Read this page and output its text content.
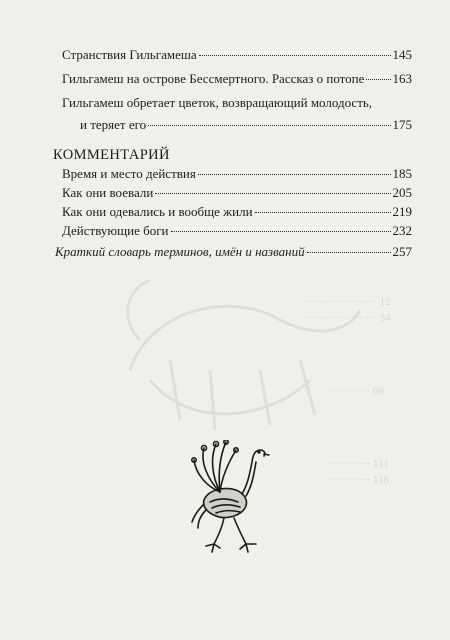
····················· 12
····················· 34
··········· 68
··········· 111
··········· 118
Странствия Гильгамеша	145
Гильгамеш на острове Бессмертного. Рассказ о потопе 163
Гильгамеш обретает цветок, возвращающий молодость,
и теряет его	175
КОММЕНТАРИЙ
Время и место действия	185
Как они воевали	205
Как они одевались и вообще жили	219
Действующие боги	232
Краткий словарь терминов, имён и названий	257
